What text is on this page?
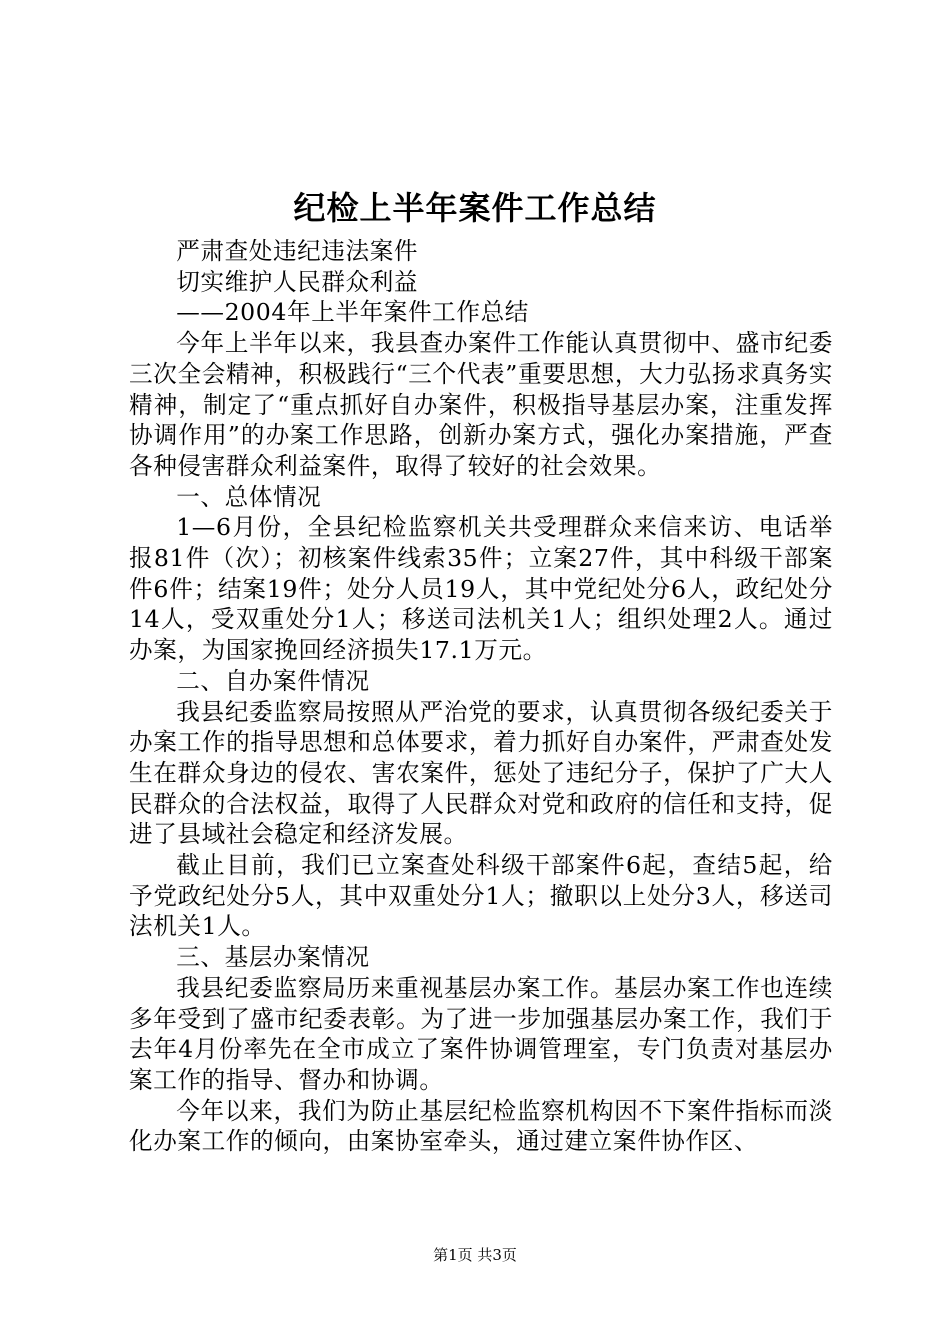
纪检上半年案件工作总结

严肃查处违纪违法案件

切实维护人民群众利益

——2004年上半年案件工作总结

今年上半年以来，我县查办案件工作能认真贯彻中、盛市纪委三次全会精神，积极践行“三个代表”重要思想，大力弘扬求真务实精神，制定了“重点抓好自办案件，积极指导基层办案，注重发挥协调作用”的办案工作思路，创新办案方式，强化办案措施，严查各种侵害群众利益案件，取得了较好的社会效果。

一、总体情况

1—6月份，全县纪检监察机关共受理群众来信来访、电话举报81件（次）；初核案件线索35件；立案27件，其中科级干部案件6件；结案19件；处分人员19人，其中党纪处分6人，政纪处分14人，受双重处分1人；移送司法机关1人；组织处理2人。通过办案，为国家挽回经济损失17.1万元。

二、自办案件情况

我县纪委监察局按照从严治党的要求，认真贯彻各级纪委关于办案工作的指导思想和总体要求，着力抓好自办案件，严肃查处发生在群众身边的侵农、害农案件，惩处了违纪分子，保护了广大人民群众的合法权益，取得了人民群众对党和政府的信任和支持，促进了县域社会稳定和经济发展。

截止目前，我们已立案查处科级干部案件6起，查结5起，给予党政纪处分5人，其中双重处分1人；撤职以上处分3人，移送司法机关1人。

三、基层办案情况

我县纪委监察局历来重视基层办案工作。基层办案工作也连续多年受到了盛市纪委表彰。为了进一步加强基层办案工作，我们于去年4月份率先在全市成立了案件协调管理室，专门负责对基层办案工作的指导、督办和协调。

今年以来，我们为防止基层纪检监察机构因不下案件指标而淡化办案工作的倾向，由案协室牵头，通过建立案件协作区、

第1页 共3页
